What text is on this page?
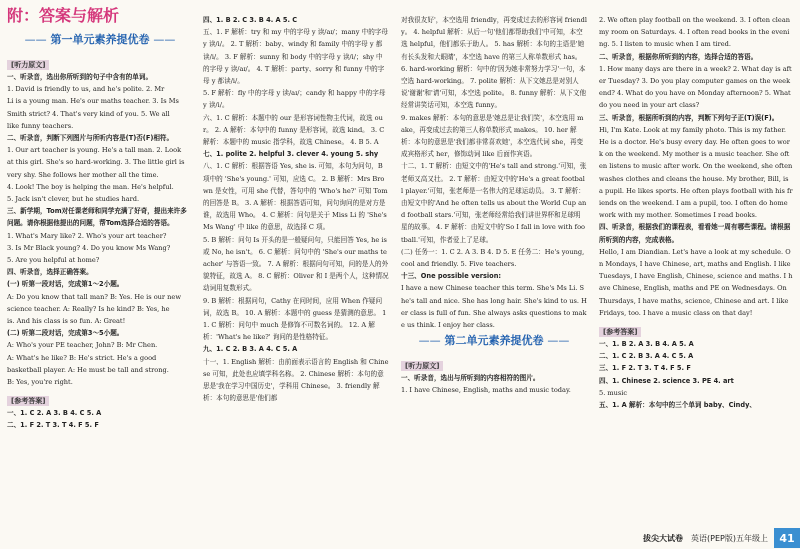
附：答案与解析
—— 第一单元素养提优卷 ——
[听力原文]

一、听录音，选出你所听到的句子中含有的单词。

1. David is friendly to us, and he's polite. 2. Mr

Li is a young man. He's our maths teacher. 3. Is Ms

Smith strict? 4. That's very kind of you. 5. We all

like funny teachers.

二、听录音，判断下列图片与所听内容是(T)否(F)相符。

1. Our art teacher is young. He's a tall man. 2. Look

at this girl. She's so hard-working. 3. The little girl is

very shy. She follows her mother all the time.

4. Look! The boy is helping the man. He's helpful.

5. Jack isn't clever, but he studies hard.

三、新学期，Tom对任课老师和同学充满了好奇，提出来许多问题。请你根据他提出的问题，帮Tom选择合适的答语。

1. What's Mary like? 2. Who's your art teacher?

3. Is Mr Black young? 4. Do you know Ms Wang?

5. Are you helpful at home?

四、听录音，选择正确答案。

(一) 听第一段对话，完成第1～2小题。

A: Do you know that tall man? B: Yes. He is our new

science teacher. A: Really? Is he kind? B: Yes, he

is. And his class is so fun. A: Great!

(二) 听第二段对话，完成第3～5小题。

A: Who's your PE teacher, John? B: Mr Chen.

A: What's he like? B: He's strict. He's a good

basketball player. A: He must be tall and strong.

B: Yes, you're right.

[参考答案]

一、1. C 2. A 3. B 4. C 5. A

二、1. F 2. T 3. T 4. F 5. F

四、1. B 2. C 3. B 4. A 5. C

五、1. F 解析：try 和 my 中的字母 y 读/aɪ/；many 中的字母 y 读/i/。 2. T 解析：baby、windy 和 family 中的字母 y 都读/i/。 3. F 解析：sunny 和 body 中的字母 y 读/i/；shy 中的字母 y 读/aɪ/。 4. T 解析：party、sorry 和 funny 中的字母 y 都读/i/。

5. F 解析：fly 中的字母 y 读/aɪ/；candy 和 happy 中的字母 y 读/i/。

六、1. C 解析：本题中的 our 是形容词性物主代词，故选 our。 2. A 解析：本句中的 funny 是形容词，故选 kind。 3. C 解析：本题中的 music 指学科，故选 Chinese。 4. B 5. A

七、1. polite 2. helpful 3. clever 4. young 5. shy

八、1. C 解析：根据答语 Yes, she is. 可知，本句为问句，B 项中的 'She's young.' 可知，应选 C。 2. B 解析：Mrs Brown 是女性，可用 she 代替，答句中的 'Who's he?' 可知 Tom 的回答是 B。 3. A 解析：根据答语可知，问句询问的是对方是谁，故选用 Who。 4. C 解析：问句是关于 Miss Li 的 'She's Ms Wang' 中 like 的意思，故选择 C 项。

5. B 解析：问句 Is 开头的是一般疑问句，只能回答 Yes, he is 或 No, he isn't。 6. C 解析：问句中的 'She's our maths teacher' 与答语一致。 7. A 解析：根据问句可知，问的是人的外貌特征，故选 A。 8. C 解析：Oliver 和 I 是两个人，这种情况动词用复数形式。

9. B 解析：根据问句，Cathy 在问时间，应用 When 作疑问词，故选 B。 10. A 解析：本题中的 guess 是猜测的意思。 11. C 解析：问句中 much 是修饰不可数名词的。 12. A 解析：'What's he like?' 询问的是性格特征。

九、1. C 2. B 3. A 4. C 5. A

十一、1. English 解析：由前面表示语言的 English 和 Chinese 可知，此处也应填学科名称。 2. Chinese 解析：本句的意思是'我在学习中国历史'，学科用 Chinese。 3. friendly 解析：本句的意思是'他们都

对我很友好'，本空选用 friendly，再变成过去的形容词 friendly。 4. helpful 解析：从后一句'他们都帮助我们'中可知，本空选 helpful，他们都乐于助人。 5. has 解析：本句的主语是'她有长头发和大眼睛'，本空选 have 的第三人称单数形式 has。 6. hard-working 解析：句中的'因为她非常努力学习'一句，本空选 hard-working。 7. polite 解析：从下文她总是对别人说'谢谢'和'请'可知，本空选 polite。 8. funny 解析：从下文他经常讲笑话可知，本空选 funny。

9. makes 解析：本句的意思是'她总是让我们笑'，本空选用 make，再变成过去的第三人称单数形式 makes。 10. her 解析：本句的意思是'我们都非常喜欢她'，本空选代词 she，再变成宾格形式 her，修饰动词 like 后面作宾语。

十二、1. T 解析：由短文中的'He's tall and strong.'可知，张老师又高又壮。 2. T 解析：由短文中的'He's a great football player.'可知，张老师是一名伟大的足球运动员。 3. T 解析：由短文中的'And he often tells us about the World Cup and football stars.'可知，张老师经常给我们讲世界杯和足球明星的故事。 4. F 解析：由短文中的'So I fall in love with football.'可知，作者爱上了足球。

(二) 任务一：1. C 2. A 3. B 4. D 5. E 任务二：He's young, cool and friendly. 5. Five teachers.

十三、One possible version:

I have a new Chinese teacher this term. She's Ms Li. She's tall and nice. She has long hair. She's kind to us. Her class is full of fun. She always asks questions to make us think. I enjoy her class.

—— 第二单元素养提优卷 ——
[听力原文]

一、听录音，选出与所听到的内容相符的图片。

1. I have Chinese, English, maths and music today.

2. We often play football on the weekend. 3. I often clean my room on Saturdays. 4. I often read books in the evening. 5. I listen to music when I am tired.

二、听录音，根据你所听到的内容，选择合适的答语。

1. How many days are there in a week? 2. What day is after Tuesday? 3. Do you play computer games on the weekend? 4. What do you have on Monday afternoon? 5. What do you need in your art class?

三、听录音，根据所听到的内容，判断下列句子正(T)误(F)。

Hi, I'm Kate. Look at my family photo. This is my father. He is a doctor. He's busy every day. He often goes to work on the weekend. My mother is a music teacher. She often listens to music after work. On the weekend, she often washes clothes and cleans the house. My brother, Bill, is a pupil. He likes sports. He often plays football with his friends on the weekend. I am a pupil, too. I often do homework with my mother. Sometimes I read books.

四、听录音，根据我们的课程表，看看她一周有哪些课程。请根据所听到的内容，完成表格。

Hello, I am Diandian. Let's have a look at my schedule. On Mondays, I have Chinese, art, maths and English. I like Tuesdays, I have English, Chinese, science and maths. I have Chinese, English, maths and PE on Wednesdays. On Thursdays, I have maths, science, Chinese and art. I like Fridays, too. I have a music class on that day!

[参考答案]

一、1. B 2. A 3. B 4. A 5. A

二、1. C 2. B 3. A 4. C 5. A

三、1. F 2. T 3. T 4. F 5. F

四、1. Chinese 2. science 3. PE 4. art

5. music

五、1. A 解析：本句中的三个单词 baby、Cindy、

拔尖大试卷 英语(PEP版)五年级上	41
